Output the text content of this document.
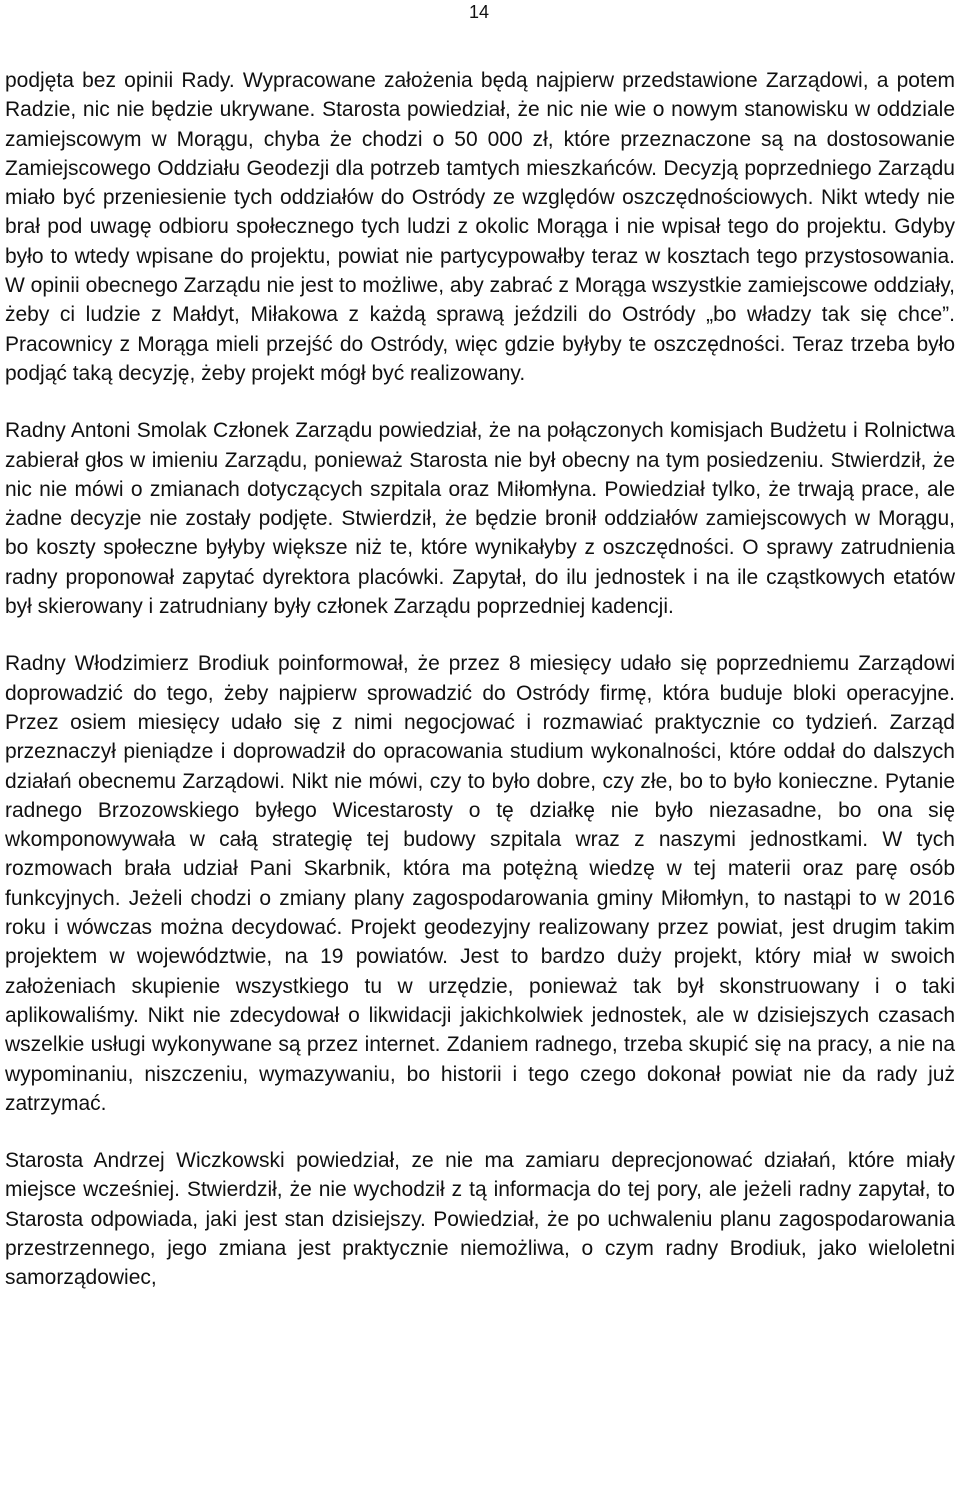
14

podjęta bez opinii Rady. Wypracowane założenia będą najpierw przedstawione Zarządowi, a potem Radzie, nic nie będzie ukrywane. Starosta powiedział, że nic nie wie o nowym stanowisku w oddziale zamiejscowym w Morągu, chyba że chodzi o 50 000 zł, które przeznaczone są na dostosowanie Zamiejscowego Oddziału Geodezji dla potrzeb tamtych mieszkańców. Decyzją poprzedniego Zarządu miało być przeniesienie tych oddziałów do Ostródy ze względów oszczędnościowych. Nikt wtedy nie brał pod uwagę odbioru społecznego tych ludzi z okolic Morąga i nie wpisał tego do projektu. Gdyby było to wtedy wpisane do projektu, powiat nie partycypowałby teraz w kosztach tego przystosowania. W opinii obecnego Zarządu nie jest to możliwe, aby zabrać z Morąga wszystkie zamiejscowe oddziały, żeby ci ludzie z Małdyt, Miłakowa z każdą sprawą jeździli do Ostródy „bo władzy tak się chce”. Pracownicy z Morąga mieli przejść do Ostródy, więc gdzie byłyby te oszczędności. Teraz trzeba było podjąć taką decyzję, żeby projekt mógł być realizowany.

Radny Antoni Smolak Członek Zarządu powiedział, że na połączonych komisjach Budżetu i Rolnictwa zabierał głos w imieniu Zarządu, ponieważ Starosta nie był obecny na tym posiedzeniu. Stwierdził, że nic nie mówi o zmianach dotyczących szpitala oraz Miłomłyna. Powiedział tylko, że trwają prace, ale żadne decyzje nie zostały podjęte. Stwierdził, że będzie bronił oddziałów zamiejscowych w Morągu, bo koszty społeczne byłyby większe niż te, które wynikałyby z oszczędności. O sprawy zatrudnienia radny proponował zapytać dyrektora placówki. Zapytał, do ilu jednostek i na ile cząstkowych etatów był skierowany i zatrudniany były członek Zarządu poprzedniej kadencji.

Radny Włodzimierz Brodiuk poinformował, że przez 8 miesięcy udało się poprzedniemu Zarządowi doprowadzić do tego, żeby najpierw sprowadzić do Ostródy firmę, która buduje bloki operacyjne. Przez osiem miesięcy udało się z nimi negocjować i rozmawiać praktycznie co tydzień. Zarząd przeznaczył pieniądze i doprowadził do opracowania studium wykonalności, które oddał do dalszych działań obecnemu Zarządowi. Nikt nie mówi, czy to było dobre, czy złe, bo to było konieczne. Pytanie radnego Brzozowskiego byłego Wicestarosty o tę działkę nie było niezasadne, bo ona się wkomponowywała w całą strategię tej budowy szpitala wraz z naszymi jednostkami. W tych rozmowach brała udział Pani Skarbnik, która ma potężną wiedzę w tej materii oraz parę osób funkcyjnych. Jeżeli chodzi o zmiany plany zagospodarowania gminy Miłomłyn, to nastąpi to w 2016 roku i wówczas można decydować. Projekt geodezyjny realizowany przez powiat, jest drugim takim projektem w województwie, na 19 powiatów. Jest to bardzo duży projekt, który miał w swoich założeniach skupienie wszystkiego tu w urzędzie, ponieważ tak był skonstruowany i o taki aplikowaliśmy. Nikt nie zdecydował o likwidacji jakichkolwiek jednostek, ale w dzisiejszych czasach wszelkie usługi wykonywane są przez internet. Zdaniem radnego, trzeba skupić się na pracy, a nie na wypominaniu, niszczeniu, wymazywaniu, bo historii i tego czego dokonał powiat nie da rady już zatrzymać.

Starosta Andrzej Wiczkowski powiedział, ze nie ma zamiaru deprecjonować działań, które miały miejsce wcześniej. Stwierdził, że nie wychodził z tą informacja do tej pory, ale jeżeli radny zapytał, to Starosta odpowiada, jaki jest stan dzisiejszy. Powiedział, że po uchwaleniu planu zagospodarowania przestrzennego, jego zmiana jest praktycznie niemożliwa, o czym radny Brodiuk, jako wieloletni samorządowiec,
